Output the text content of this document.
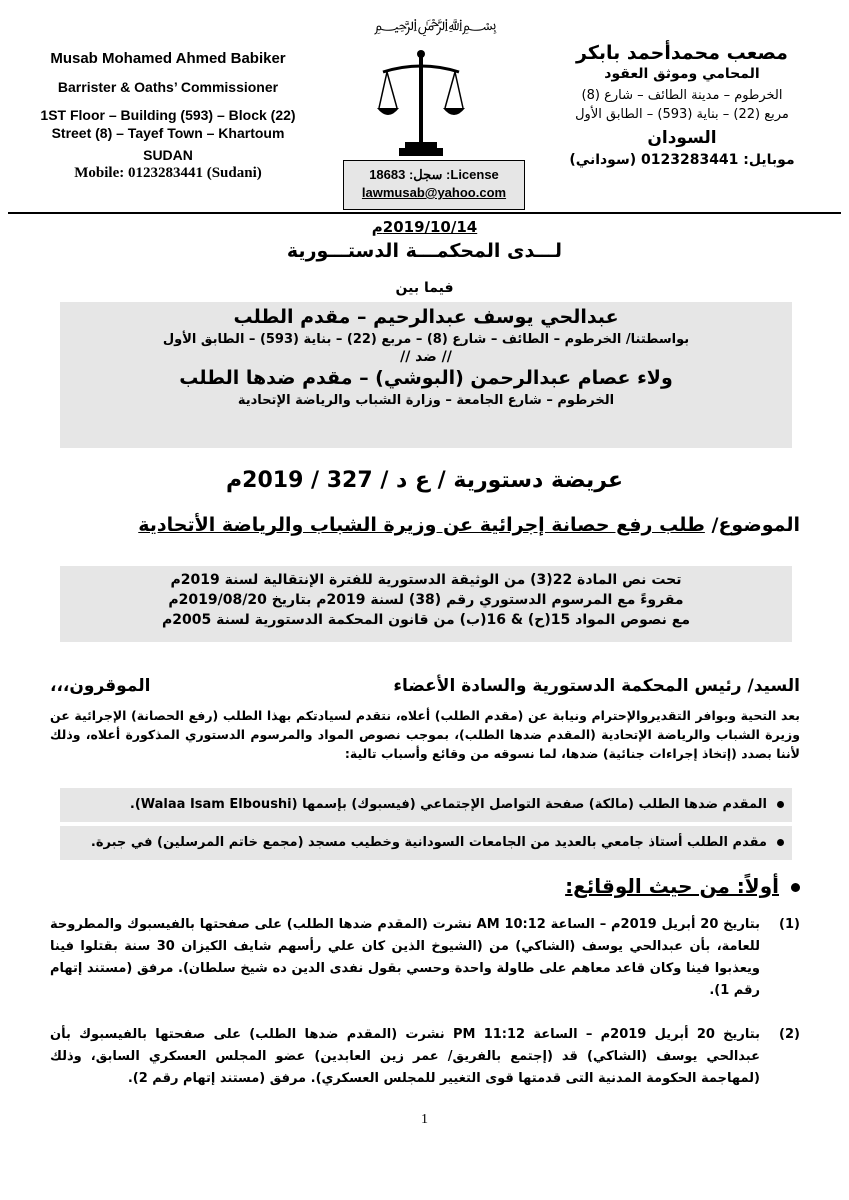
﷽
Musab Mohamed Ahmed Babiker
Barrister & Oaths’ Commissioner
1ST Floor – Building (593) – Block (22)
Street (8) – Tayef Town – Khartoum
SUDAN
Mobile: 0123283441 (Sudani)	سجل: 18683 :License
lawmusab@yahoo.com
مصعب محمدأحمد بابكر
المحامي وموثق العقود
الخرطوم – مدينة الطائف – شارع (8)
مربع (22) – بناية (593) – الطابق الأول
السودان
موبايل: 0123283441 (سوداني)
2019/10/14م
لـــدى المحكمـــة الدستـــورية
فيما بين
عبدالحي يوسف عبدالرحيم – مقدم الطلب
بواسطتنا/ الخرطوم – الطائف – شارع (8) – مربع (22) – بناية (593) – الطابق الأول
// ضد //
ولاء عصام عبدالرحمن (البوشي) – مقدم ضدها الطلب
الخرطوم – شارع الجامعة – وزارة الشباب والرياضة الإتحادية
عريضة دستورية / ع د / 327 / 2019م
الموضوع/ طلب رفع حصانة إجرائية عن وزيرة الشباب والرياضة الأتحادية
تحت نص المادة 22(3) من الوثيقة الدستورية للفترة الإنتقالية لسنة 2019م
مقروءً مع المرسوم الدستوري رقم (38) لسنة 2019م بتاريخ 2019/08/20م
مع نصوص المواد 15(ح) & 16(ب) من قانون المحكمة الدستورية لسنة 2005م
السيد/ رئيس المحكمة الدستورية والسادة الأعضاء
الموقرون،،،
بعد التحية وبوافر التقديروالإحترام ونيابة عن (مقدم الطلب) أعلاه، نتقدم لسيادتكم بهذا الطلب (رفع الحصانة) الإجرائية عن وزيرة الشباب والرياضة الإتحادية (المقدم ضدها الطلب)، بموجب نصوص المواد والمرسوم الدستوري المذكورة أعلاه، وذلك لأننا بصدد (إتخاذ إجراءات جنائية) ضدها، لما نسوقه من وقائع وأسباب تالية:
المقدم ضدها الطلب (مالكة) صفحة التواصل الإجتماعي (فيسبوك) بإسمها (Walaa Isam Elboushi).
مقدم الطلب أستاذ جامعي بالعديد من الجامعات السودانية وخطيب مسجد (مجمع خاتم المرسلين) في جبرة.
أولاً: من حيث الوقائع:
(1)
بتاريخ 20 أبريل 2019م – الساعة 10:12 AM نشرت (المقدم ضدها الطلب) على صفحتها بالفيسبوك والمطروحة للعامة، بأن عبدالحي يوسف (الشاكي) من (الشيوخ الذين كان علي رأسهم شايف الكيزان 30 سنة بقتلوا فينا ويعذبوا فينا وكان قاعد معاهم على طاولة واحدة وحسي بقول نفدى الدين ده شيخ سلطان). مرفق (مستند إتهام رقم 1).
(2)
بتاريخ 20 أبريل 2019م – الساعة 11:12 PM نشرت (المقدم ضدها الطلب) على صفحتها بالفيسبوك بأن عبدالحي يوسف (الشاكي) قد (إجتمع بالفريق/ عمر زين العابدين) عضو المجلس العسكري السابق، وذلك (لمهاجمة الحكومة المدنية التى قدمتها قوى التغيير للمجلس العسكري). مرفق (مستند إتهام رقم 2).
1
